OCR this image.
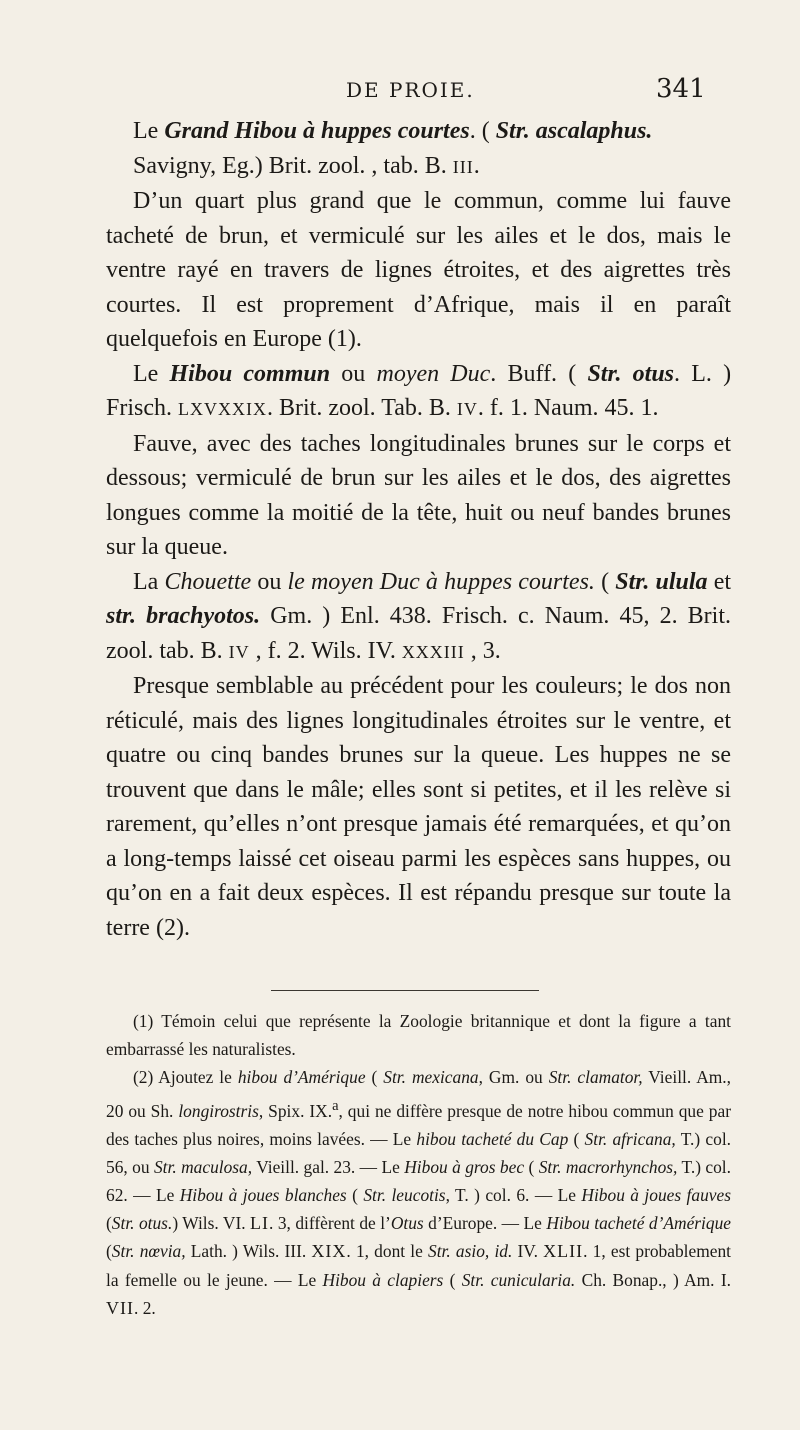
DE PROIE.	341

Le Grand Hibou à huppes courtes. ( Str. ascalaphus.

Savigny, Eg.) Brit. zool. , tab. B. III.

D’un quart plus grand que le commun, comme lui fauve tacheté de brun, et vermiculé sur les ailes et le dos, mais le ventre rayé en travers de lignes étroites, et des aigrettes très courtes. Il est proprement d’Afrique, mais il en paraît quelquefois en Europe (1).

Le Hibou commun ou moyen Duc. Buff. ( Str. otus. L. ) Frisch. LXVXXIX. Brit. zool. Tab. B. IV. f. 1. Naum. 45. 1.

Fauve, avec des taches longitudinales brunes sur le corps et dessous; vermiculé de brun sur les ailes et le dos, des aigrettes longues comme la moitié de la tête, huit ou neuf bandes brunes sur la queue.

La Chouette ou le moyen Duc à huppes courtes. ( Str. ulula et str. brachyotos. Gm. ) Enl. 438. Frisch. c. Naum. 45, 2. Brit. zool. tab. B. IV , f. 2. Wils. IV. XXXIII , 3.

Presque semblable au précédent pour les couleurs; le dos non réticulé, mais des lignes longitudinales étroites sur le ventre, et quatre ou cinq bandes brunes sur la queue. Les huppes ne se trouvent que dans le mâle; elles sont si petites, et il les relève si rarement, qu’elles n’ont presque jamais été remarquées, et qu’on a long-temps laissé cet oiseau parmi les espèces sans huppes, ou qu’on en a fait deux espèces. Il est répandu presque sur toute la terre (2).

(1) Témoin celui que représente la Zoologie britannique et dont la figure a tant embarrassé les naturalistes.

(2) Ajoutez le hibou d’Amérique ( Str. mexicana, Gm. ou Str. clamator, Vieill. Am., 20 ou Sh. longirostris, Spix. IX.$^a$, qui ne diffère presque de notre hibou commun que par des taches plus noires, moins lavées. — Le hibou tacheté du Cap ( Str. africana, T.) col. 56, ou Str. maculosa, Vieill. gal. 23. — Le Hibou à gros bec ( Str. macrorhynchos, T.) col. 62. — Le Hibou à joues blanches ( Str. leucotis, T. ) col. 6. — Le Hibou à joues fauves (Str. otus.) Wils. VI. LI. 3, diffèrent de l’Otus d’Europe. — Le Hibou tacheté d’Amérique (Str. nœvia, Lath. ) Wils. III. XIX. 1, dont le Str. asio, id. IV. XLII. 1, est probablement la femelle ou le jeune. — Le Hibou à clapiers ( Str. cunicularia. Ch. Bonap., ) Am. I. VII. 2.
